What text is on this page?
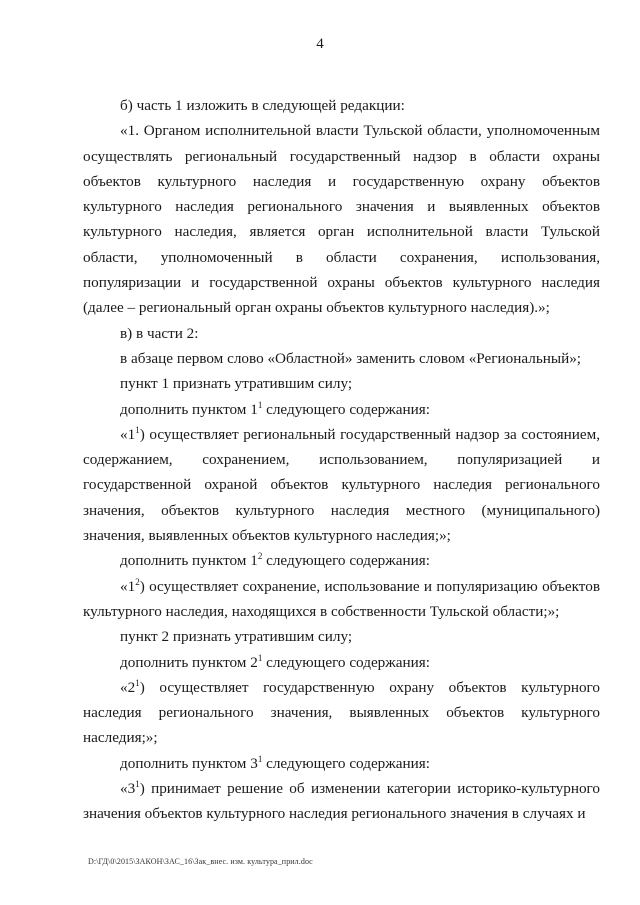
4

б) часть 1 изложить в следующей редакции:

«1. Органом исполнительной власти Тульской области, уполномоченным осуществлять региональный государственный надзор в области охраны объектов культурного наследия и государственную охрану объектов культурного наследия регионального значения и выявленных объектов культурного наследия, является орган исполнительной власти Тульской области, уполномоченный в области сохранения, использования, популяризации и государственной охраны объектов культурного наследия (далее – региональный орган охраны объектов культурного наследия).»;

в) в части 2:

в абзаце первом слово «Областной» заменить словом «Региональный»;

пункт 1 признать утратившим силу;

дополнить пунктом $1^1$ следующего содержания:

«$1^1$) осуществляет региональный государственный надзор за состоянием, содержанием, сохранением, использованием, популяризацией и государственной охраной объектов культурного наследия регионального значения, объектов культурного наследия местного (муниципального) значения, выявленных объектов культурного наследия;»;

дополнить пунктом $1^2$ следующего содержания:

«$1^2$) осуществляет сохранение, использование и популяризацию объектов культурного наследия, находящихся в собственности Тульской области;»;

пункт 2 признать утратившим силу;

дополнить пунктом $2^1$ следующего содержания:

«$2^1$) осуществляет государственную охрану объектов культурного наследия регионального значения, выявленных объектов культурного наследия;»;

дополнить пунктом $3^1$ следующего содержания:

«$3^1$) принимает решение об изменении категории историко-культурного значения объектов культурного наследия регионального значения в случаях и

D:\ГД\0\2015\ЗАКОН\ЗАС_16\Зак_внес. изм. культура_прил.doc
